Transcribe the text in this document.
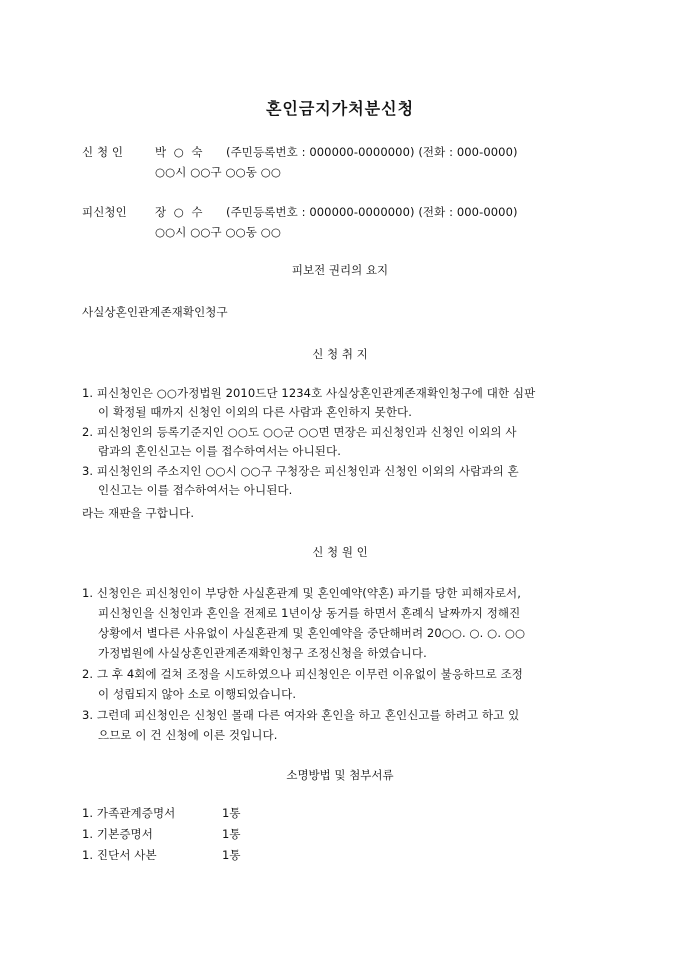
혼인금지가처분신청
신 청 인	박  ○  숙 (주민등록번호 : 000000-0000000) (전화 : 000-0000)
○○시 ○○구 ○○동 ○○
피신청인 장  ○  수 (주민등록번호 : 000000-0000000) (전화 : 000-0000)
○○시 ○○구 ○○동 ○○
피보전 권리의 요지
사실상혼인관계존재확인청구
신 청 취 지
1. 피신청인은 ○○가정법원 2010드단 1234호 사실상혼인관계존재확인청구에 대한 심판
이 확정될 때까지 신청인 이외의 다른 사람과 혼인하지 못한다.
2. 피신청인의 등록기준지인 ○○도 ○○군 ○○면 면장은 피신청인과 신청인 이외의 사
람과의 혼인신고는 이를 접수하여서는 아니된다.
3. 피신청인의 주소지인 ○○시 ○○구 구청장은 피신청인과 신청인 이외의 사람과의 혼
인신고는 이를 접수하여서는 아니된다.
라는 재판을 구합니다.
신 청 원 인
1. 신청인은 피신청인이 부당한 사실혼관계 및 혼인예약(약혼) 파기를 당한 피해자로서,
피신청인을 신청인과 혼인을 전제로 1년이상 동거를 하면서 혼례식 날짜까지 정해진
상황에서 별다른 사유없이 사실혼관계 및 혼인예약을 중단해버려 20○○. ○. ○. ○○
가정법원에 사실상혼인관계존재확인청구 조정신청을 하였습니다.
2. 그 후 4회에 걸쳐 조정을 시도하였으나 피신청인은 이무런 이유없이 불응하므로 조정
이 성립되지 않아 소로 이행되었습니다.
3. 그런데 피신청인은 신청인 몰래 다른 여자와 혼인을 하고 혼인신고를 하려고 하고 있
으므로 이 건 신청에 이른 것입니다.
소명방법 및 첨부서류
1. 가족관계증명서	1통
1. 기본증명서	1통
1. 진단서 사본	1통
